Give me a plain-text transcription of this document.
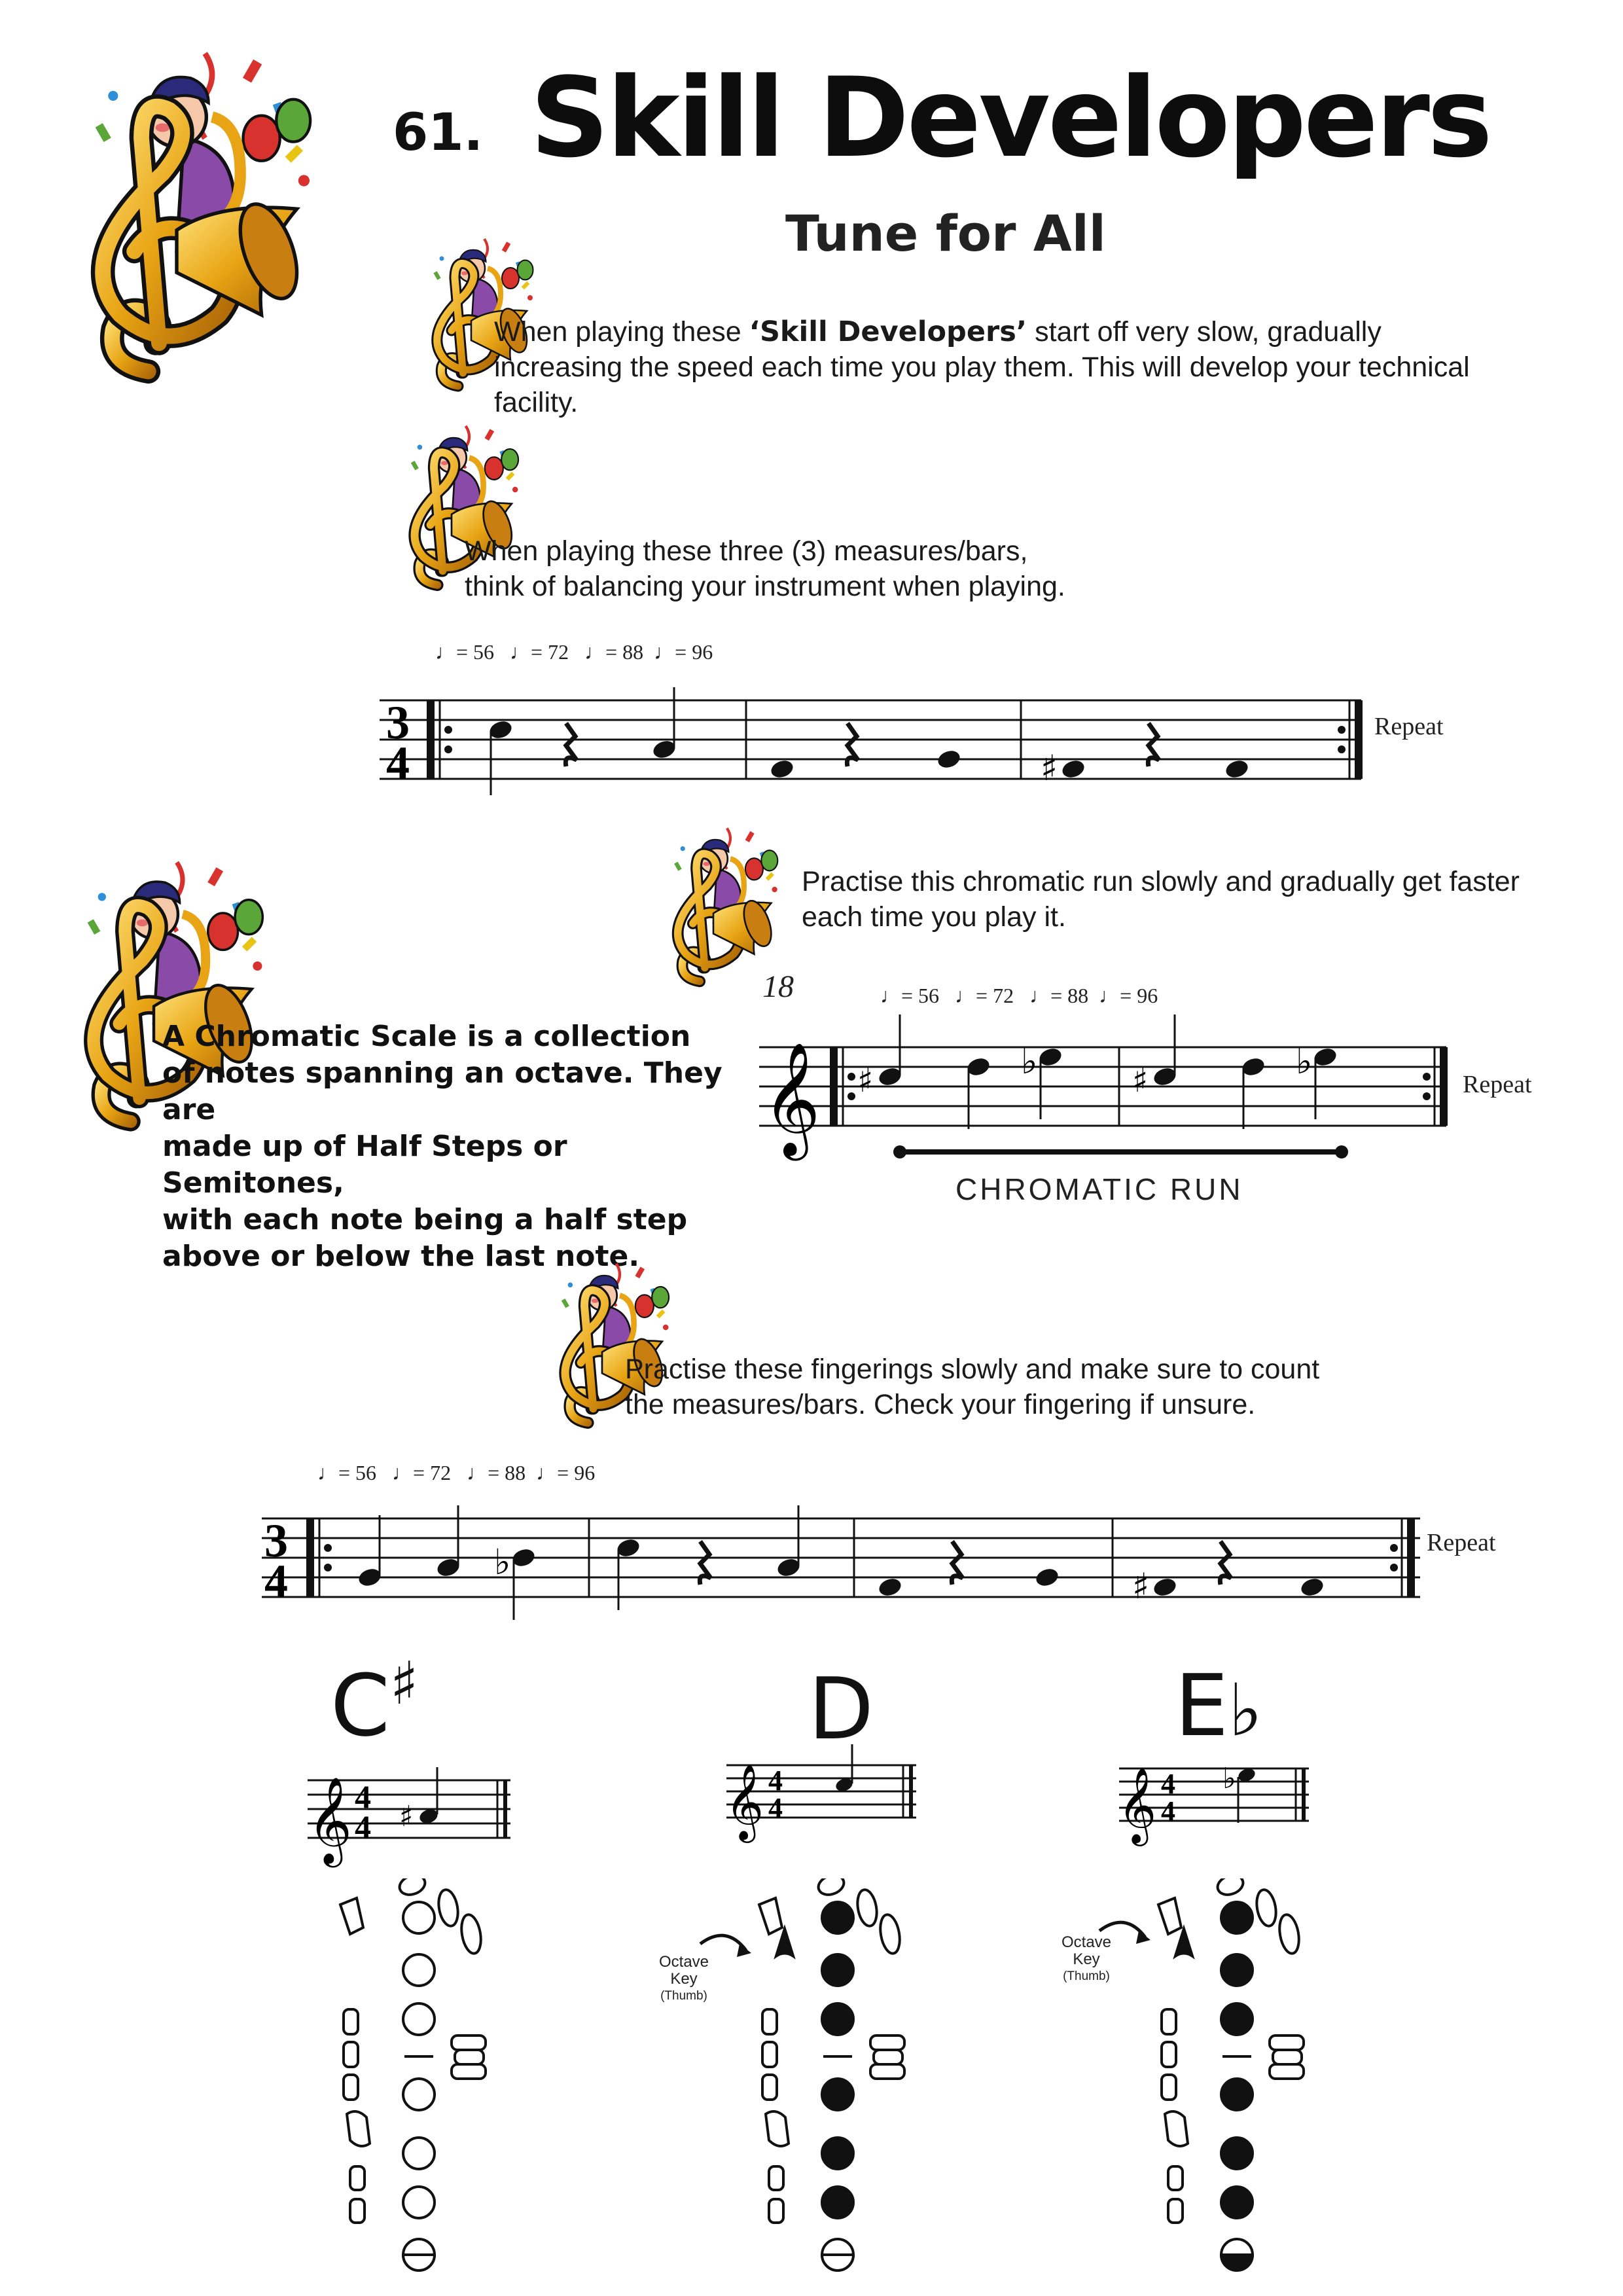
61. Skill Developers
Tune for All
When playing these ‘Skill Developers’ start off very slow, gradually
increasing the speed each time you play them. This will develop your technical facility.
When playing these three (3) measures/bars,
think of balancing your instrument when playing.
♩= 56 ♩= 72 ♩= 88 ♩= 96
3
4	♯
Repeat
A Chromatic Scale is a collection
of notes spanning an octave. They are
made up of Half Steps or Semitones,
with each note being a half step
above or below the last note.
Practise this chromatic run slowly and gradually get faster
each time you play it.
18	♩= 56 ♩= 72 ♩= 88 ♩= 96
𝄞 ♯	♭	♯	♭
Repeat
CHROMATIC RUN
Practise these fingerings slowly and make sure to count
the measures/bars. Check your fingering if unsure.
♩= 56 ♩= 72 ♩= 88 ♩= 96
3
4	♭
♯
Repeat
C♯	D	E♭
𝄞 4
4 ♯	𝄞 4
4	𝄞 4
4
♭
Octave
Key
(Thumb)
Octave
Key
(Thumb)
